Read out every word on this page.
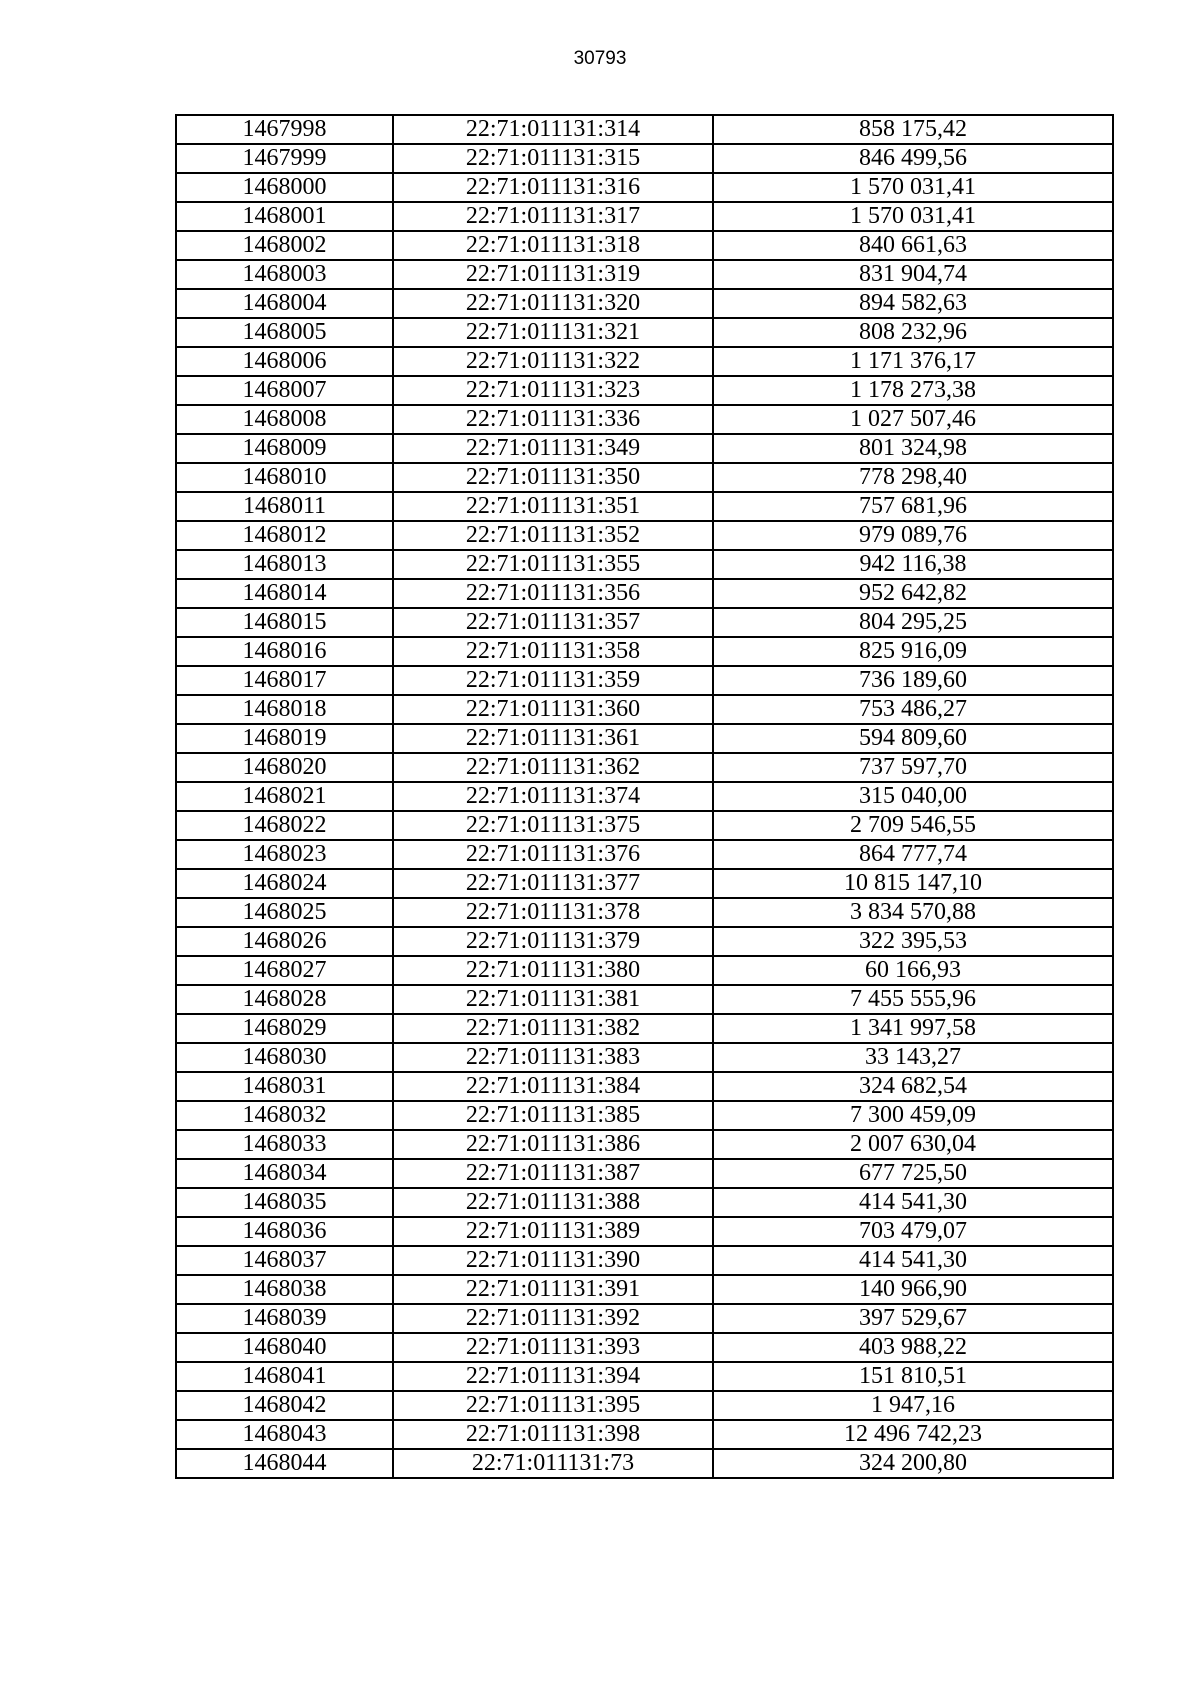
30793
1467998	22:71:011131:314	858 175,42
1467999	22:71:011131:315	846 499,56
1468000	22:71:011131:316	1 570 031,41
1468001	22:71:011131:317	1 570 031,41
1468002	22:71:011131:318	840 661,63
1468003	22:71:011131:319	831 904,74
1468004	22:71:011131:320	894 582,63
1468005	22:71:011131:321	808 232,96
1468006	22:71:011131:322	1 171 376,17
1468007	22:71:011131:323	1 178 273,38
1468008	22:71:011131:336	1 027 507,46
1468009	22:71:011131:349	801 324,98
1468010	22:71:011131:350	778 298,40
1468011	22:71:011131:351	757 681,96
1468012	22:71:011131:352	979 089,76
1468013	22:71:011131:355	942 116,38
1468014	22:71:011131:356	952 642,82
1468015	22:71:011131:357	804 295,25
1468016	22:71:011131:358	825 916,09
1468017	22:71:011131:359	736 189,60
1468018	22:71:011131:360	753 486,27
1468019	22:71:011131:361	594 809,60
1468020	22:71:011131:362	737 597,70
1468021	22:71:011131:374	315 040,00
1468022	22:71:011131:375	2 709 546,55
1468023	22:71:011131:376	864 777,74
1468024	22:71:011131:377	10 815 147,10
1468025	22:71:011131:378	3 834 570,88
1468026	22:71:011131:379	322 395,53
1468027	22:71:011131:380	60 166,93
1468028	22:71:011131:381	7 455 555,96
1468029	22:71:011131:382	1 341 997,58
1468030	22:71:011131:383	33 143,27
1468031	22:71:011131:384	324 682,54
1468032	22:71:011131:385	7 300 459,09
1468033	22:71:011131:386	2 007 630,04
1468034	22:71:011131:387	677 725,50
1468035	22:71:011131:388	414 541,30
1468036	22:71:011131:389	703 479,07
1468037	22:71:011131:390	414 541,30
1468038	22:71:011131:391	140 966,90
1468039	22:71:011131:392	397 529,67
1468040	22:71:011131:393	403 988,22
1468041	22:71:011131:394	151 810,51
1468042	22:71:011131:395	1 947,16
1468043	22:71:011131:398	12 496 742,23
1468044	22:71:011131:73	324 200,80
